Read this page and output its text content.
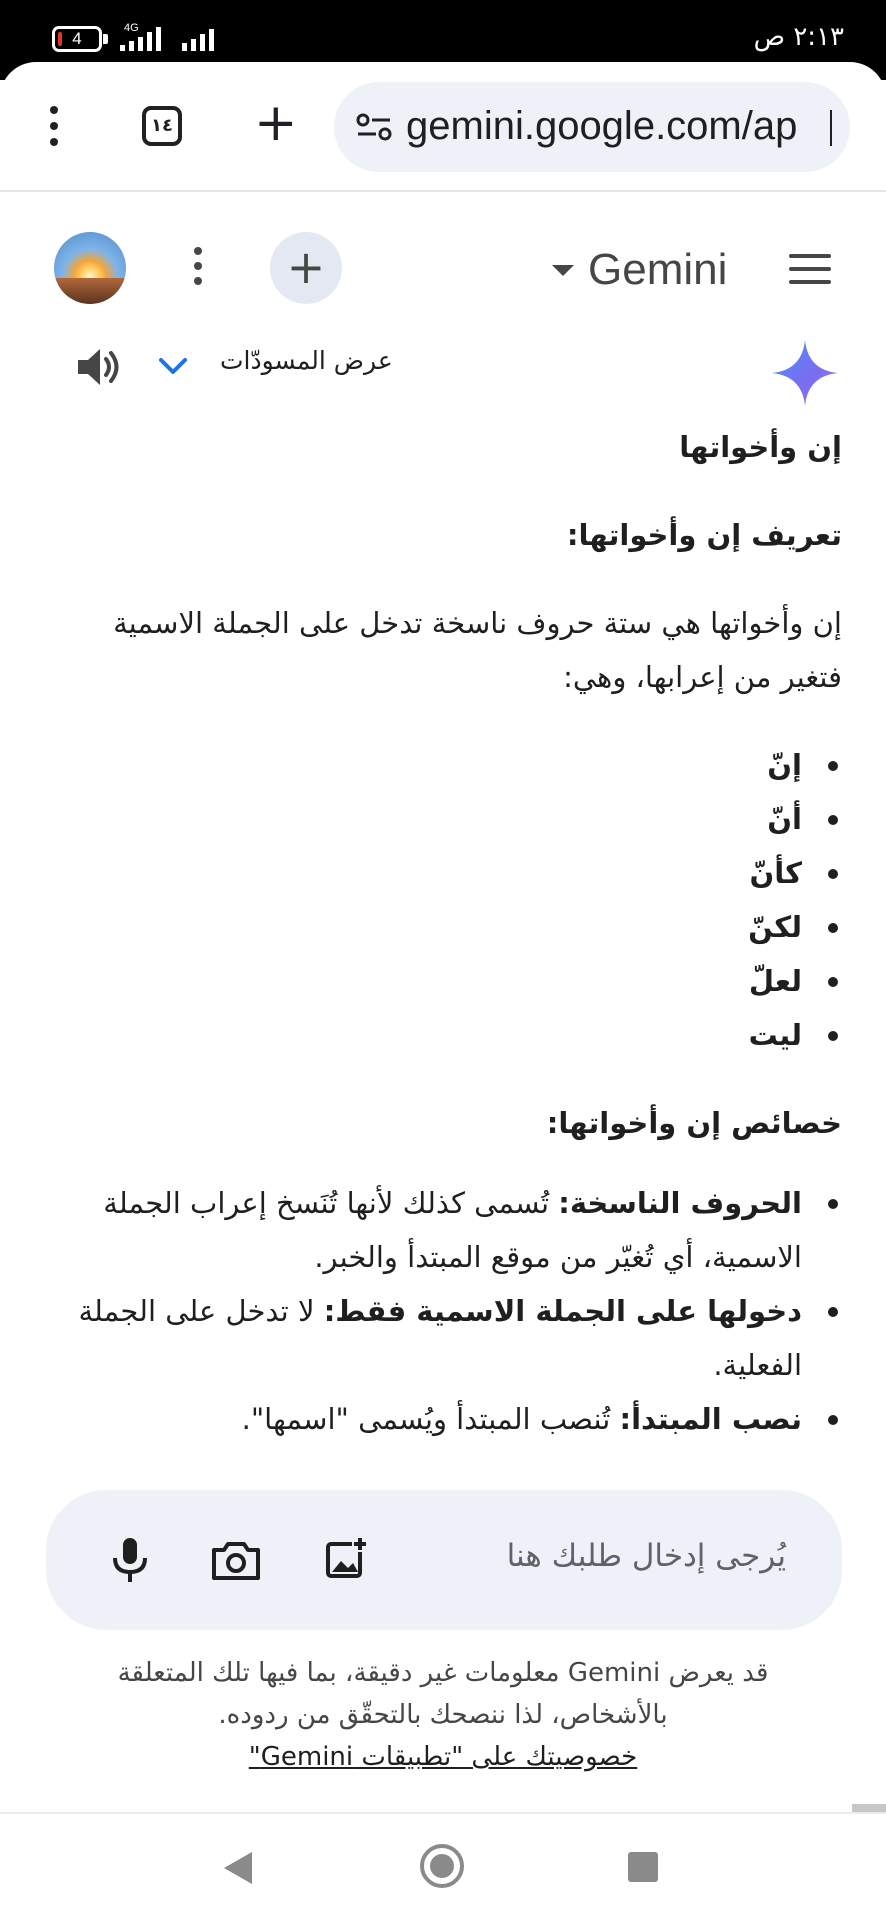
4
4G	٢:١٣ ص
١٤ +	gemini.google.com/ap
+	Gemini
عرض المسودّات
إن وأخواتها
تعريف إن وأخواتها:
إن وأخواتها هي ستة حروف ناسخة تدخل على الجملة الاسمية فتغير من إعرابها، وهي:
إنّ
أنّ
كأنّ
لكنّ
لعلّ
ليت
خصائص إن وأخواتها:
الحروف الناسخة: تُسمى كذلك لأنها تُنَسخ إعراب الجملة الاسمية، أي تُغيّر من موقع المبتدأ والخبر.
دخولها على الجملة الاسمية فقط: لا تدخل على الجملة الفعلية.
نصب المبتدأ: تُنصب المبتدأ ويُسمى "اسمها".
يُرجى إدخال طلبك هنا
قد يعرض Gemini معلومات غير دقيقة، بما فيها تلك المتعلقة بالأشخاص، لذا ننصحك بالتحقّق من ردوده.
خصوصيتك على "تطبيقات Gemini"
